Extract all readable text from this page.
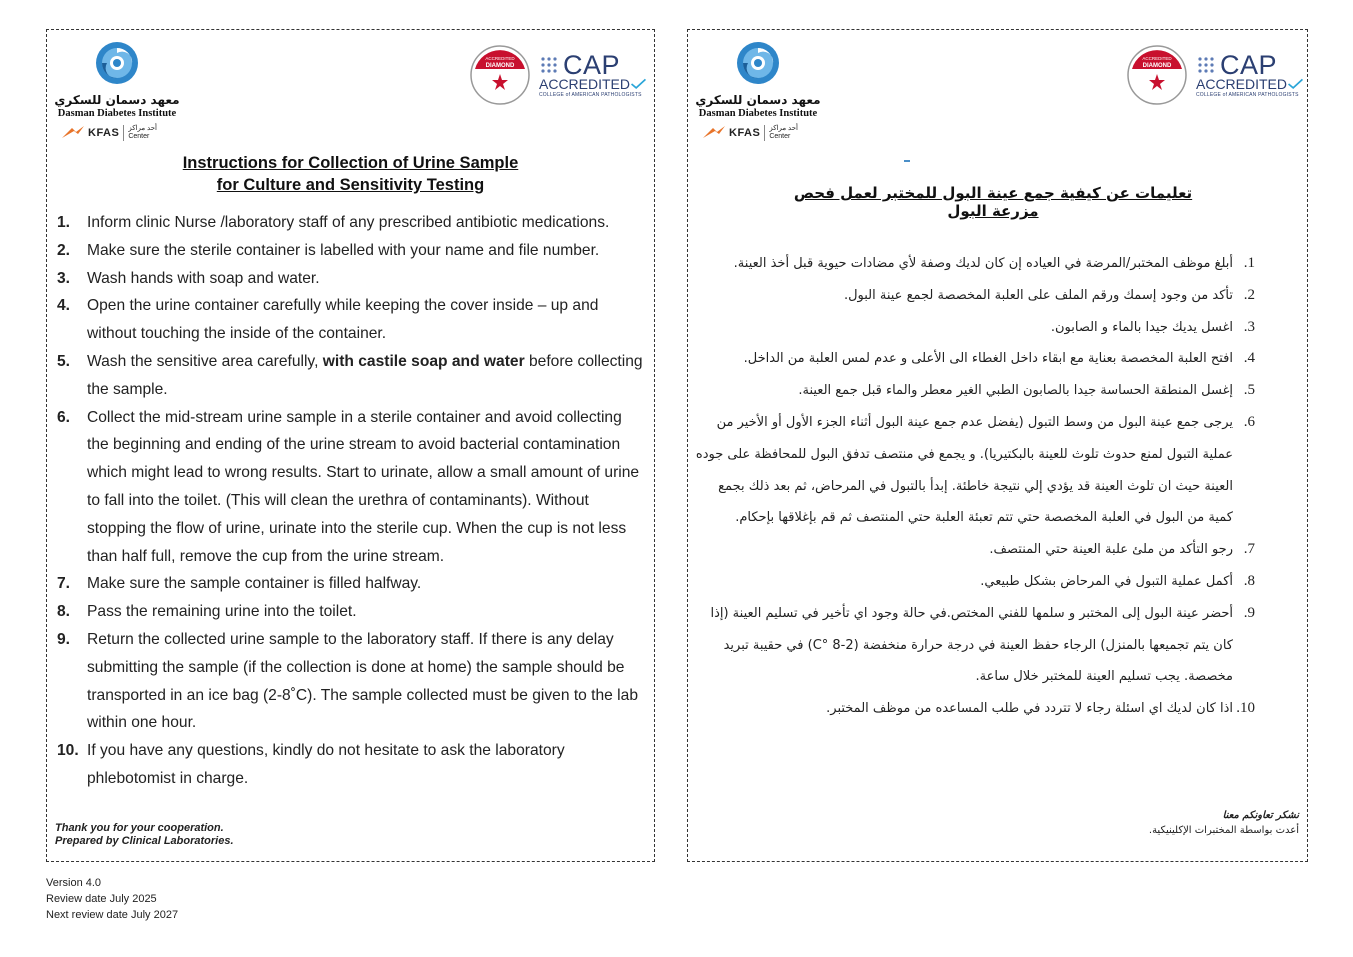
معهد دسمان للسكري
Dasman Diabetes Institute
KFAS	أحد مراكز
Center
ACCREDITED
DIAMOND CAP
ACCREDITED
COLLEGE of AMERICAN PATHOLOGISTS
Instructions for Collection of Urine Sample
for Culture and Sensitivity Testing
1. Inform clinic Nurse /laboratory staff of any prescribed antibiotic medications.
2. Make sure the sterile container is labelled with your name and file number.
3. Wash hands with soap and water.
4. Open the urine container carefully while keeping the cover inside – up and without touching the inside of the container.
5. Wash the sensitive area carefully, with castile soap and water before collecting the sample.
6. Collect the mid-stream urine sample in a sterile container and avoid collecting the beginning and ending of the urine stream to avoid bacterial contamination which might lead to wrong results. Start to urinate, allow a small amount of urine to fall into the toilet. (This will clean the urethra of contaminants). Without stopping the flow of urine, urinate into the sterile cup. When the cup is not less than half full, remove the cup from the urine stream.
7. Make sure the sample container is filled halfway.
8. Pass the remaining urine into the toilet.
9. Return the collected urine sample to the laboratory staff. If there is any delay submitting the sample (if the collection is done at home) the sample should be transported in an ice bag (2-8˚C). The sample collected must be given to the lab within one hour.
10. If you have any questions, kindly do not hesitate to ask the laboratory phlebotomist in charge.
Thank you for your cooperation.
Prepared by Clinical Laboratories.
معهد دسمان للسكري
Dasman Diabetes Institute
KFAS	أحد مراكز
Center
ACCREDITED
DIAMOND CAP
ACCREDITED
COLLEGE of AMERICAN PATHOLOGISTS
تعليمات عن كيفية جمع عينة البول للمختبر لعمل فحص مزرعة البول
.1
أبلغ موظف المختبر/المرضة في العياده إن كان لديك وصفة لأي مضادات حيوية قبل أخذ العينة.
.2
تأكد من وجود إسمك ورقم الملف على العلبة المخصصة لجمع عينة البول.
.3
اغسل يديك جيدا بالماء و الصابون.
.4
افتح العلبة المخصصة بعناية مع ابقاء داخل الغطاء الى الأعلى و عدم لمس العلبة من الداخل.
.5
إغسل المنطقة الحساسة جيدا بالصابون الطبي الغير معطر والماء قبل جمع العينة.
.6
يرجى جمع عينة البول من وسط التبول (يفضل عدم جمع عينة البول أثناء الجزء الأول أو الأخير من عملية التبول لمنع حدوث تلوث للعينة بالبكتيريا). و يجمع في منتصف تدفق البول للمحافظة على جوده العينة حيث ان تلوث العينة قد يؤدي إلي نتيجة خاطئة. إبدأ بالتبول في المرحاض، ثم بعد ذلك بجمع كمية من البول في العلبة المخصصة حتي تتم تعبئة العلبة حتي المنتصف ثم قم بإغلاقها بإحكام.
.7
رجو التأكد من ملئ علبة العينة حتي المنتصف.
.8
أكمل عملية التبول في المرحاض بشكل طبيعي.
.9
أحضر عينة البول إلى المختبر و سلمها للفني المختص.في حالة وجود اي تأخير في تسليم العينة (إذا كان يتم تجميعها بالمنزل) الرجاء حفظ العينة في درجة حرارة منخفضة (C° 8-2) في حقيبة تبريد مخصصة. يجب تسليم العينة للمختبر خلال ساعة.
.10
اذا كان لديك اي اسئلة رجاء لا تتردد في طلب المساعده من موظف المختبر.
نشكر تعاونكم معنا
أعدت بواسطة المختبرات الإكلينيكية.
Version 4.0
Review date July 2025
Next review date July 2027
